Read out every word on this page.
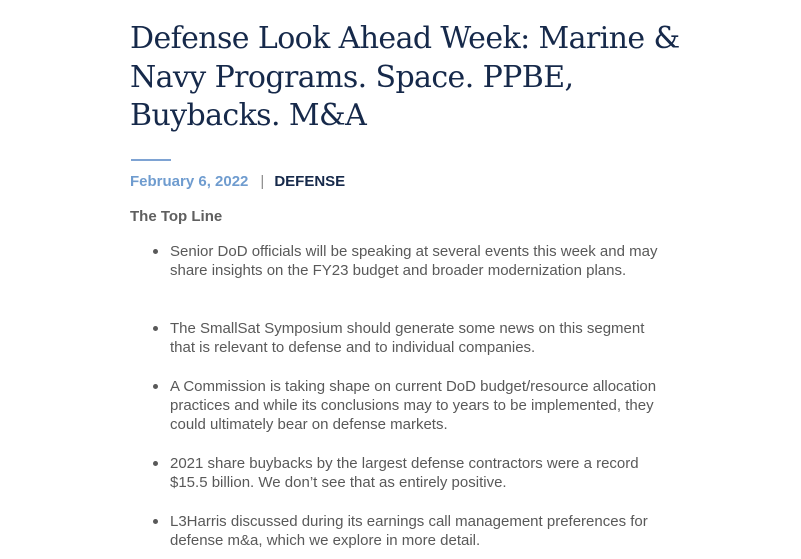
Defense Look Ahead Week: Marine & Navy Programs. Space. PPBE, Buybacks. M&A
February 6, 2022 | DEFENSE
The Top Line
Senior DoD officials will be speaking at several events this week and may share insights on the FY23 budget and broader modernization plans.
The SmallSat Symposium should generate some news on this segment that is relevant to defense and to individual companies.
A Commission is taking shape on current DoD budget/resource allocation practices and while its conclusions may to years to be implemented, they could ultimately bear on defense markets.
2021 share buybacks by the largest defense contractors were a record $15.5 billion. We don’t see that as entirely positive.
L3Harris discussed during its earnings call management preferences for defense m&a, which we explore in more detail.
